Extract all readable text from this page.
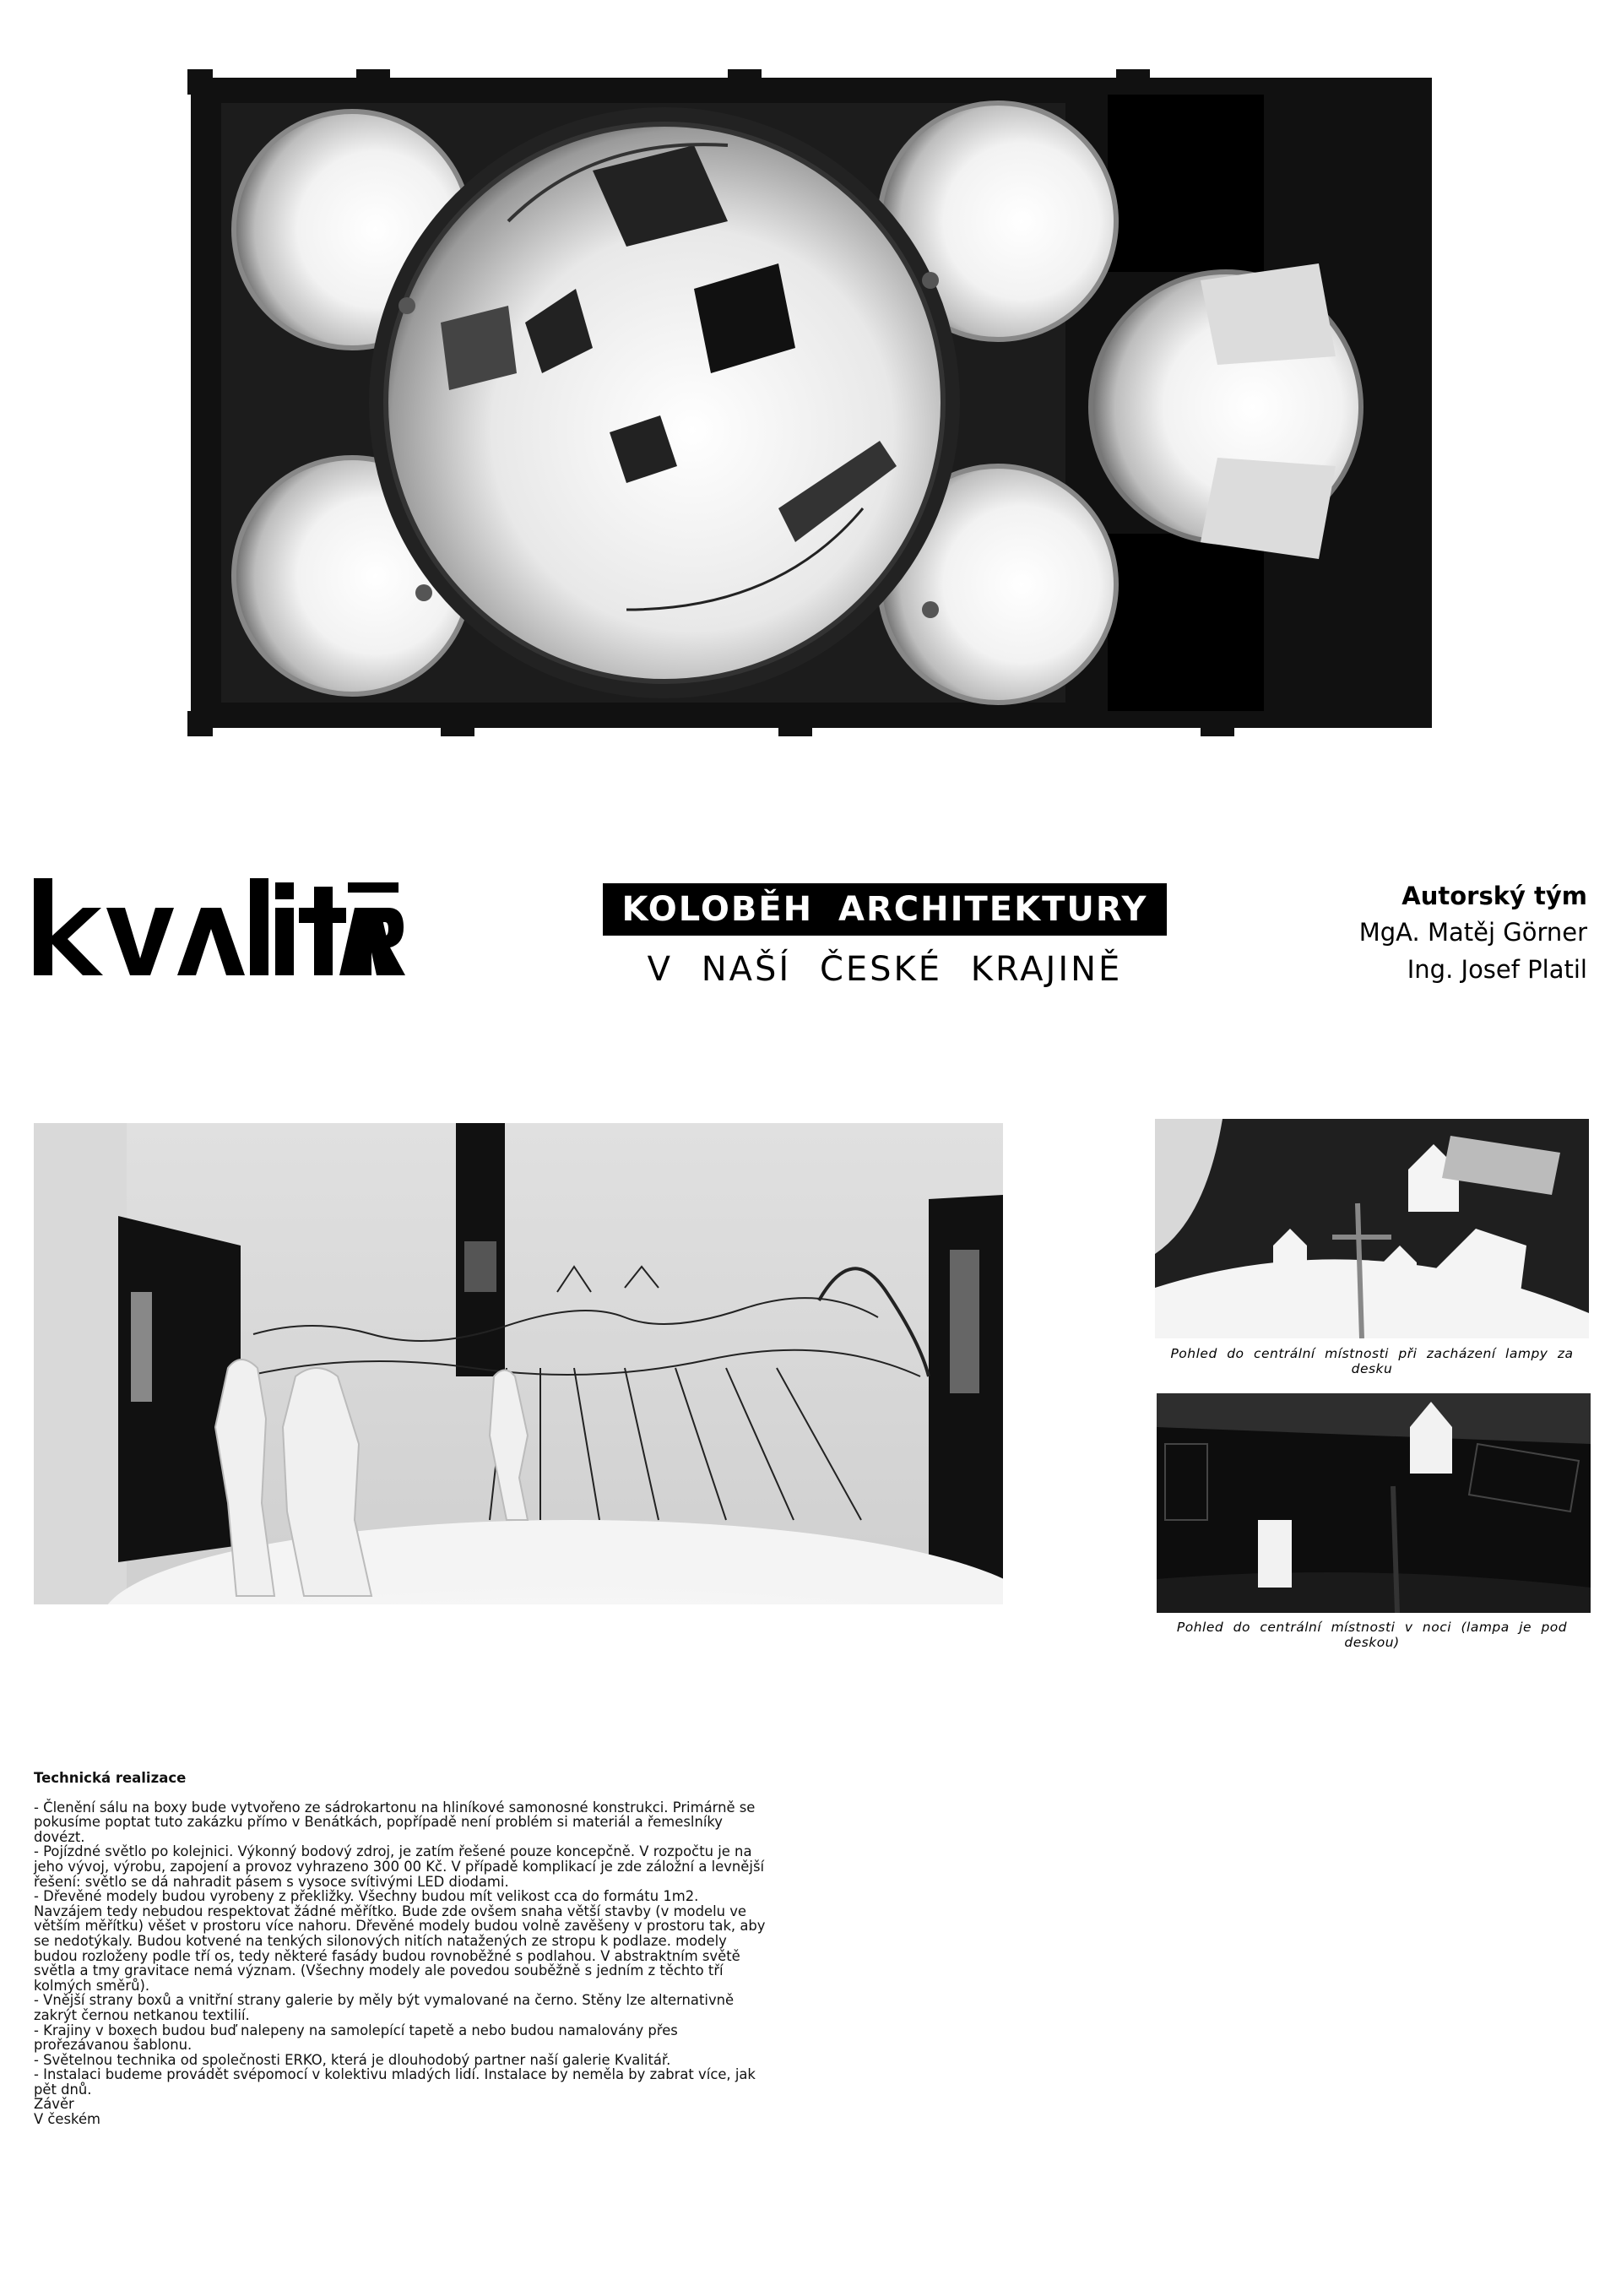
KOLOBĚH ARCHITEKTURY
V NAŠÍ ČESKÉ KRAJINĚ
Autorský tým
MgA. Matěj Görner
Ing. Josef Platil
Pohled do centrální místnosti při zacházení lampy za desku
Pohled do centrální místnosti v noci (lampa je pod deskou)
Technická realizace

- Členění sálu na boxy bude vytvořeno ze sádrokartonu na hliníkové samonosné konstrukci. Primárně se pokusíme poptat tuto zakázku přímo v Benátkách, popřípadě není problém si materiál a řemeslníky dovézt.

- Pojízdné světlo po kolejnici. Výkonný bodový zdroj, je zatím řešené pouze koncepčně. V rozpočtu je na jeho vývoj, výrobu, zapojení a provoz vyhrazeno 300 00 Kč. V případě komplikací je zde záložní a levnější řešení: světlo se dá nahradit pásem s vysoce svítivými LED diodami.

- Dřevěné modely budou vyrobeny z překližky. Všechny budou mít velikost cca do formátu 1m2. Navzájem tedy nebudou respektovat žádné měřítko. Bude zde ovšem snaha větší stavby (v modelu ve větším měřítku) věšet v prostoru více nahoru. Dřevěné modely budou volně zavěšeny v prostoru tak, aby se nedotýkaly. Budou kotvené na tenkých silonových nitích natažených ze stropu k podlaze. modely budou rozloženy podle tří os, tedy některé fasády budou rovnoběžné s podlahou. V abstraktním světě světla a tmy gravitace nemá význam. (Všechny modely ale povedou souběžně s jedním z těchto tří kolmých směrů).

- Vnější strany boxů a vnitřní strany galerie by měly být vymalované na černo. Stěny lze alternativně zakrýt černou netkanou textilií.

- Krajiny v boxech budou buď nalepeny na samolepící tapetě a nebo budou namalovány přes prořezávanou šablonu.

- Světelnou technika od společnosti ERKO, která je dlouhodobý partner naší galerie Kvalitář.

- Instalaci budeme provádět svépomocí v kolektivu mladých lidí. Instalace by neměla by zabrat více, jak pět dnů.

Závěr

V českém
